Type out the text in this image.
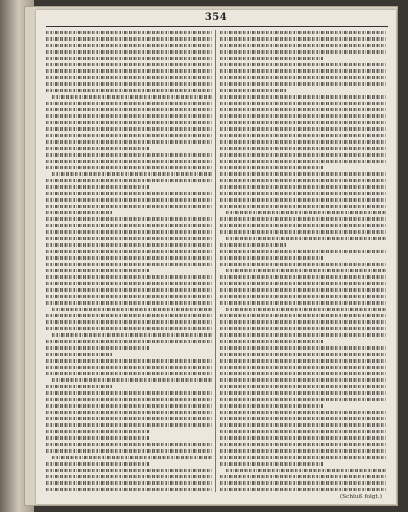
354
(Schluß folgt.)
